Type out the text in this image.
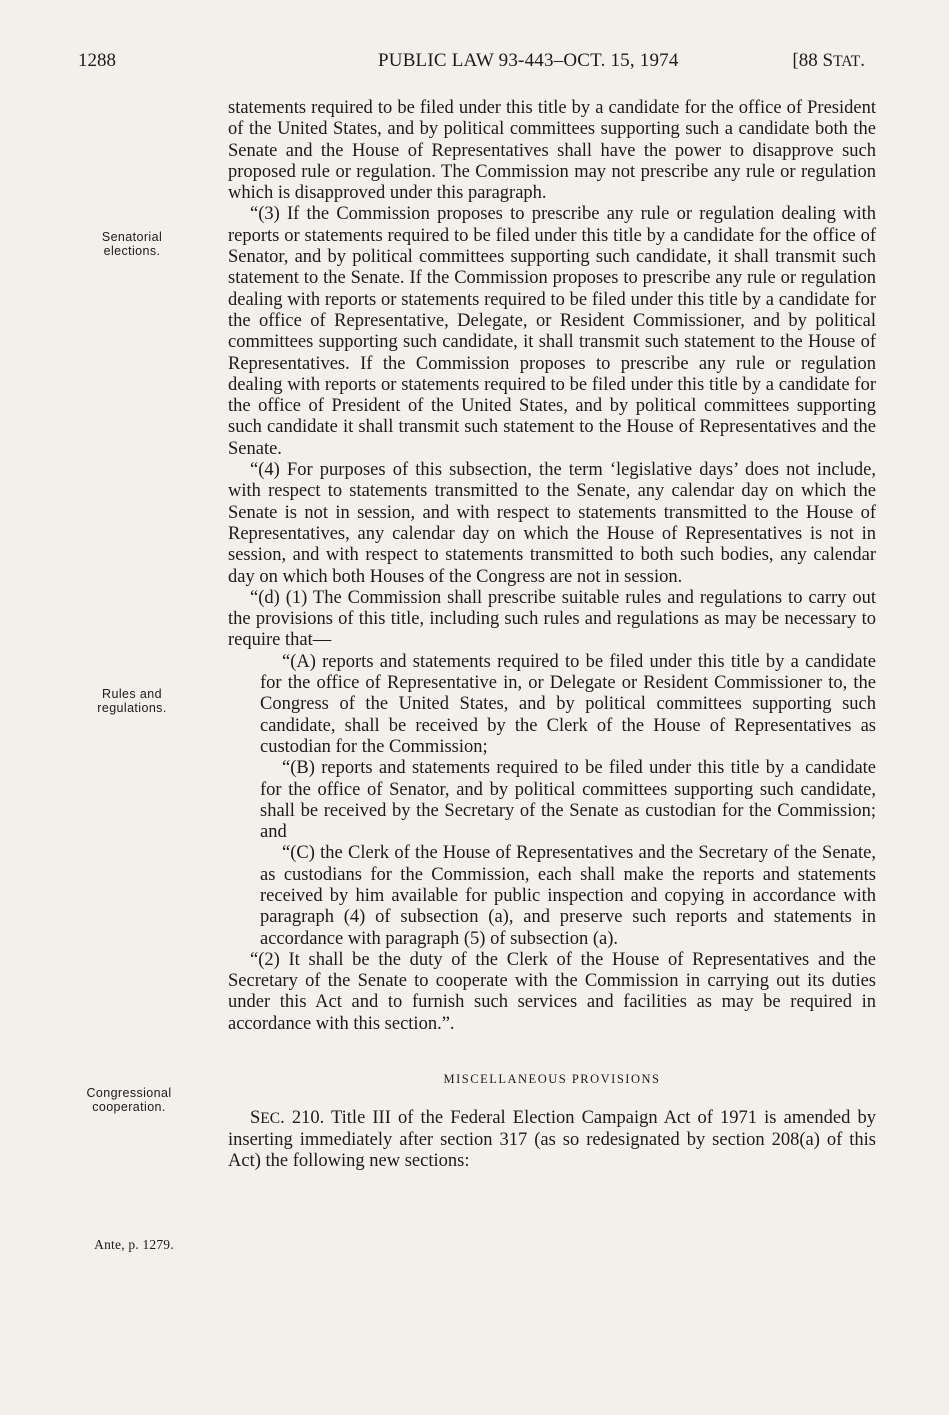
1288	PUBLIC LAW 93-443–OCT. 15, 1974	[88 STAT.
Senatorial
elections.
Rules and
regulations.
Congressional
cooperation.
Ante, p. 1279.

statements required to be filed under this title by a candidate for the office of President of the United States, and by political committees supporting such a candidate both the Senate and the House of Representatives shall have the power to disapprove such proposed rule or regulation. The Commission may not prescribe any rule or regulation which is disapproved under this paragraph.

“(3) If the Commission proposes to prescribe any rule or regulation dealing with reports or statements required to be filed under this title by a candidate for the office of Senator, and by political committees supporting such candidate, it shall transmit such statement to the Senate. If the Commission proposes to prescribe any rule or regulation dealing with reports or statements required to be filed under this title by a candidate for the office of Representative, Delegate, or Resident Commissioner, and by political committees supporting such candidate, it shall transmit such statement to the House of Representatives. If the Commission proposes to prescribe any rule or regulation dealing with reports or statements required to be filed under this title by a candidate for the office of President of the United States, and by political committees supporting such candidate it shall transmit such statement to the House of Representatives and the Senate.

“(4) For purposes of this subsection, the term ‘legislative days’ does not include, with respect to statements transmitted to the Senate, any calendar day on which the Senate is not in session, and with respect to statements transmitted to the House of Representatives, any calendar day on which the House of Representatives is not in session, and with respect to statements transmitted to both such bodies, any calendar day on which both Houses of the Congress are not in session.

“(d) (1) The Commission shall prescribe suitable rules and regulations to carry out the provisions of this title, including such rules and regulations as may be necessary to require that—

“(A) reports and statements required to be filed under this title by a candidate for the office of Representative in, or Delegate or Resident Commissioner to, the Congress of the United States, and by political committees supporting such candidate, shall be received by the Clerk of the House of Representatives as custodian for the Commission;

“(B) reports and statements required to be filed under this title by a candidate for the office of Senator, and by political committees supporting such candidate, shall be received by the Secretary of the Senate as custodian for the Commission; and

“(C) the Clerk of the House of Representatives and the Secretary of the Senate, as custodians for the Commission, each shall make the reports and statements received by him available for public inspection and copying in accordance with paragraph (4) of subsection (a), and preserve such reports and statements in accordance with paragraph (5) of subsection (a).

“(2) It shall be the duty of the Clerk of the House of Representatives and the Secretary of the Senate to cooperate with the Commission in carrying out its duties under this Act and to furnish such services and facilities as may be required in accordance with this section.”.

MISCELLANEOUS PROVISIONS

SEC. 210. Title III of the Federal Election Campaign Act of 1971 is amended by inserting immediately after section 317 (as so redesignated by section 208(a) of this Act) the following new sections:
